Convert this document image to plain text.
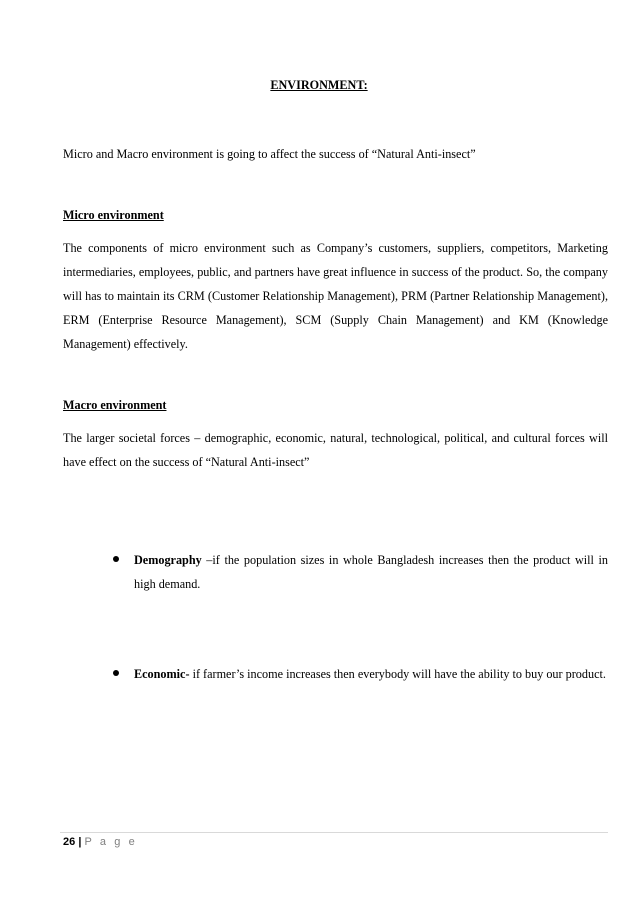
ENVIRONMENT:
Micro and Macro environment is going to affect the success of “Natural Anti-insect”
Micro environment
The components of micro environment such as Company’s customers, suppliers, competitors, Marketing intermediaries, employees, public, and partners have great influence in success of the product. So, the company will has to maintain its CRM (Customer Relationship Management), PRM (Partner Relationship Management), ERM (Enterprise Resource Management), SCM (Supply Chain Management) and KM (Knowledge Management) effectively.
Macro environment
The larger societal forces – demographic, economic, natural, technological, political, and cultural forces will have effect on the success of “Natural Anti-insect”
Demography –if the population sizes in whole Bangladesh increases then the product will in high demand.
Economic- if farmer’s income increases then everybody will have the ability to buy our product.
26 | P a g e
